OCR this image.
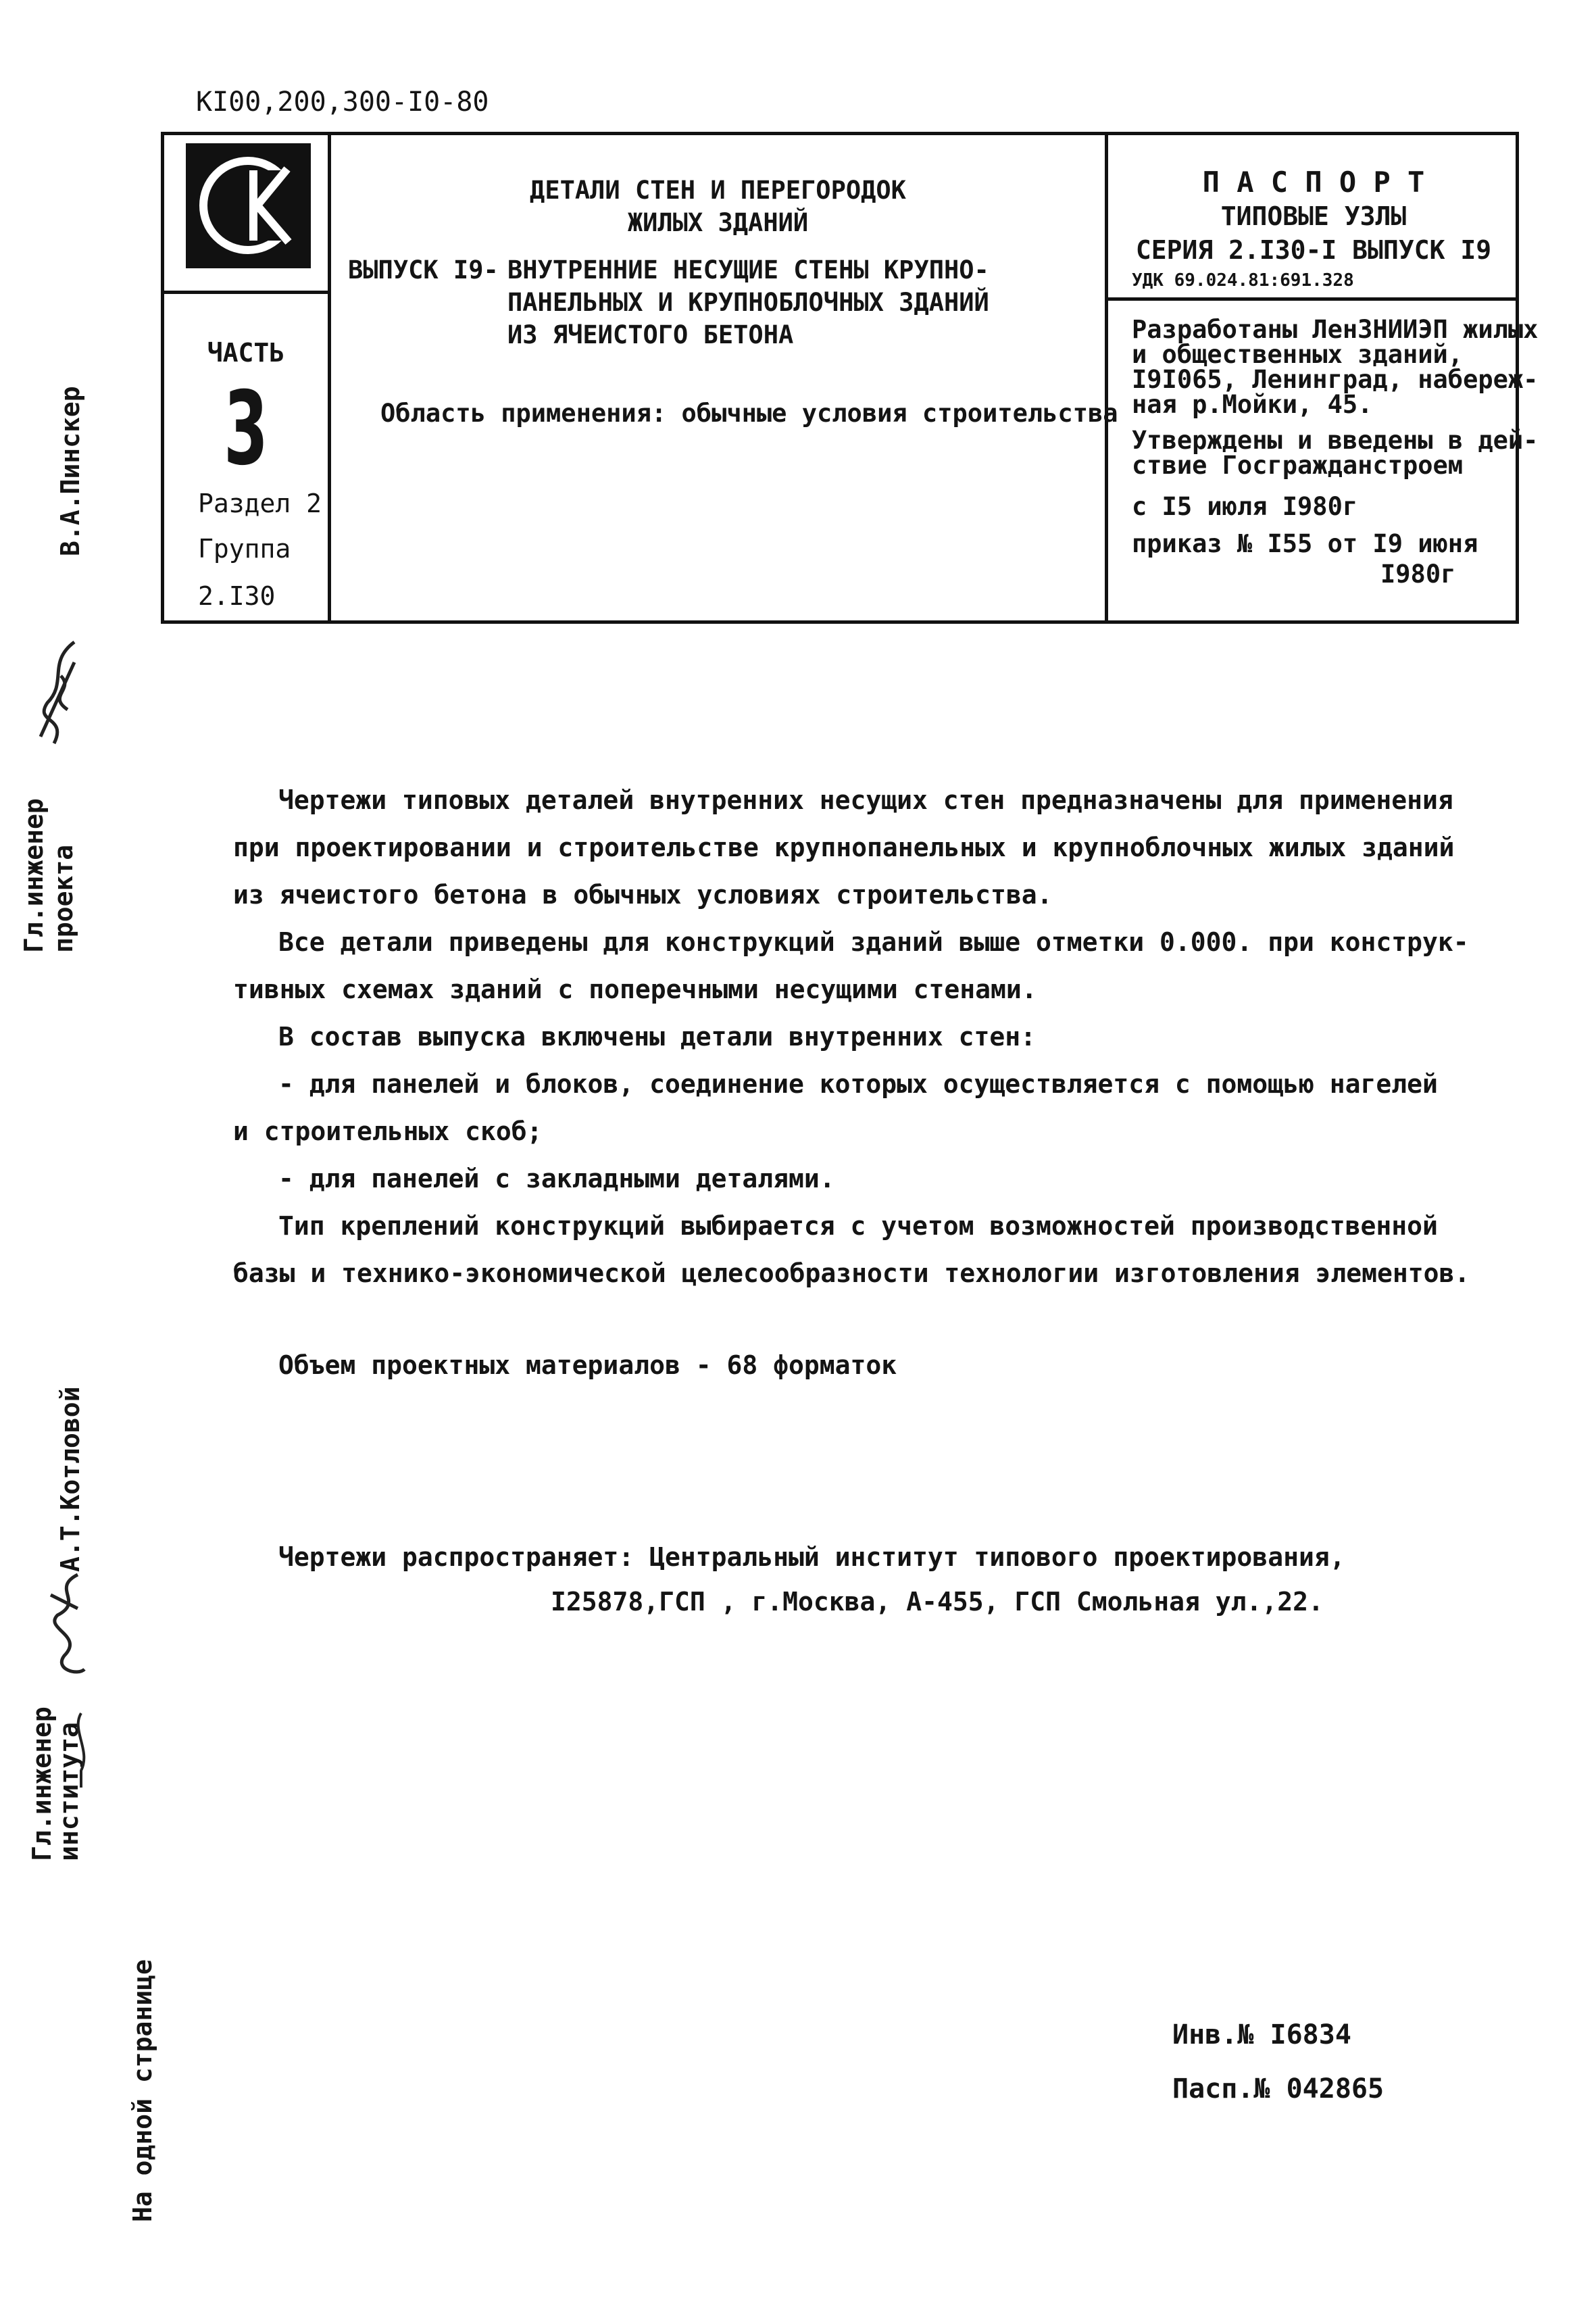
KI00,200,300-I0-80
ЧАСТЬ
3
Раздел 2
Группа
2.I30
ДЕТАЛИ СТЕН И ПЕРЕГОРОДОК
ЖИЛЫХ ЗДАНИЙ
ВЫПУСК I9- ВНУТРЕННИЕ НЕСУЩИЕ СТЕНЫ КРУПНО-
ПАНЕЛЬНЫХ И КРУПНОБЛОЧНЫХ ЗДАНИЙ
ИЗ ЯЧЕИСТОГО БЕТОНА
Область применения: обычные условия строительства
П А С П О Р Т
ТИПОВЫЕ УЗЛЫ
СЕРИЯ 2.I30-I ВЫПУСК I9
УДК 69.024.81:691.328
Разработаны ЛенЗНИИЭП жилых
и общественных зданий,
I9I065, Ленинград, набереж-
ная р.Мойки, 45.
Утверждены и введены в дей-
ствие Госгражданстроем
с I5 июля I980г
приказ № I55 от I9 июня
I980г
В.А.Пинскер
Гл.инженер проекта
А.Т.Котловой
Гл.инженер
института
На одной странице
Чертежи типовых деталей внутренних несущих стен предназначены для применения
при проектировании и строительстве крупнопанельных и крупноблочных жилых зданий
из ячеистого бетона в обычных условиях строительства.
Все детали приведены для конструкций зданий выше отметки 0.000. при конструк-
тивных схемах зданий с поперечными несущими стенами.
В состав выпуска включены детали внутренних стен:
- для панелей и блоков, соединение которых осуществляется с помощью нагелей
и строительных скоб;
- для панелей с закладными деталями.
Тип креплений конструкций выбирается с учетом возможностей производственной
базы и технико-экономической целесообразности технологии изготовления элементов.
Объем проектных материалов - 68 форматок
Чертежи распространяет: Центральный институт типового проектирования,
I25878,ГСП , г.Москва, А-455, ГСП Смольная ул.,22.
Инв.№ I6834
Пасп.№ 042865
